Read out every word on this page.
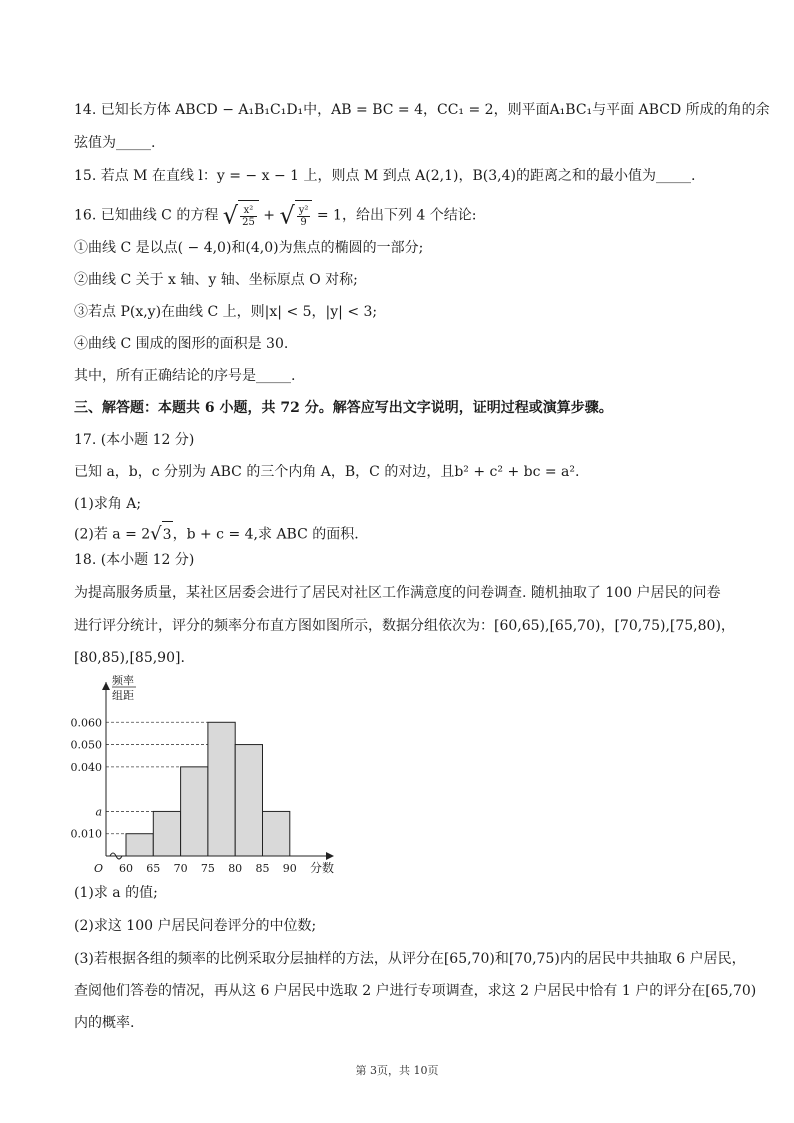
14. 已知长方体 ABCD − A₁B₁C₁D₁中，AB = BC = 4，CC₁ = 2，则平面A₁BC₁与平面 ABCD 所成的角的余
弦值为_____.
15. 若点 M 在直线 l：y = − x − 1 上，则点 M 到点 A(2,1)，B(3,4)的距离之和的最小值为_____.
16. 已知曲线 C 的方程 √ $\frac{\text{x²}}{25}$ + √ $\frac{\text{y²}}{9} = 1$，给出下列 4 个结论:
①曲线 C 是以点( − 4,0)和(4,0)为焦点的椭圆的一部分;
②曲线 C 关于 x 轴、y 轴、坐标原点 O 对称;
③若点 P(x,y)在曲线 C 上，则|x| < 5，|y| < 3;
④曲线 C 围成的图形的面积是 30.
其中，所有正确结论的序号是_____.
三、解答题：本题共 6 小题，共 72 分。解答应写出文字说明，证明过程或演算步骤。
17. (本小题 12 分)
已知 a，b，c 分别为 ABC 的三个内角 A，B，C 的对边，且b² + c² + bc = a².
(1)求角 A;
(2)若 a = 2√3，b + c = 4,求 ABC 的面积.
18. (本小题 12 分)
为提高服务质量，某社区居委会进行了居民对社区工作满意度的问卷调查. 随机抽取了 100 户居民的问卷
进行评分统计，评分的频率分布直方图如图所示，数据分组依次为：[60,65),[65,70)，[70,75),[75,80)，
[80,85),[85,90].
0.060
0.050
0.040
a
0.010
60 65 70 75 80 85 90
O	分数
频率
组距
(1)求 a 的值;
(2)求这 100 户居民问卷评分的中位数;
(3)若根据各组的频率的比例采取分层抽样的方法，从评分在[65,70)和[70,75)内的居民中共抽取 6 户居民，
查阅他们答卷的情况，再从这 6 户居民中选取 2 户进行专项调查，求这 2 户居民中恰有 1 户的评分在[65,70)
内的概率.
第 3页，共 10页
